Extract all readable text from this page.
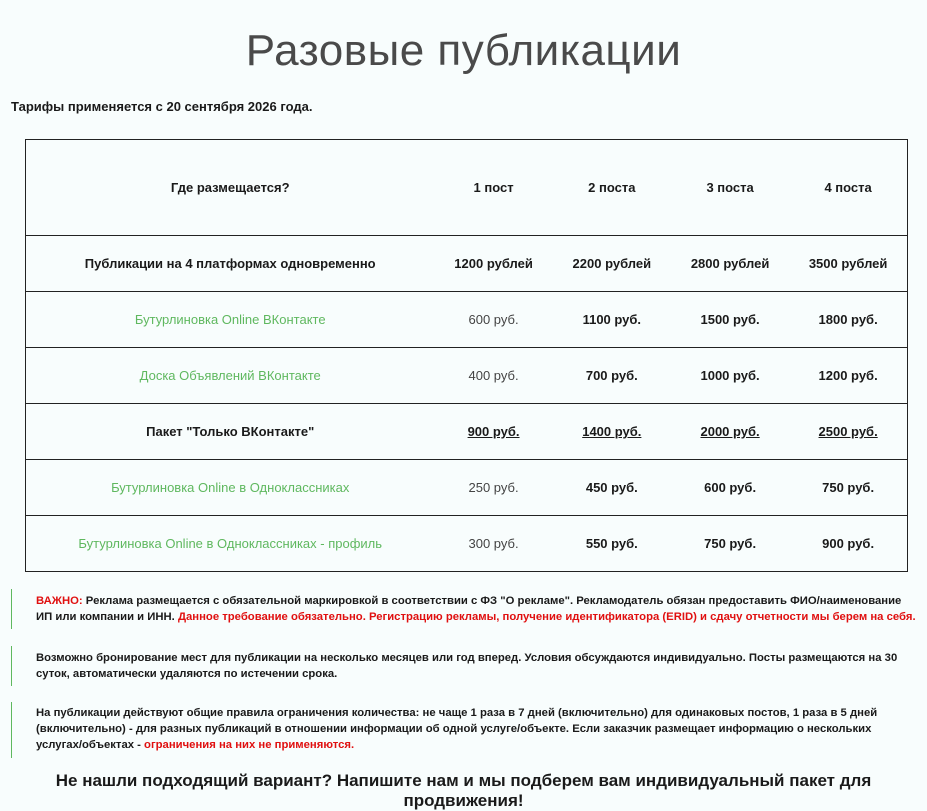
Разовые публикации

Тарифы применяется с 20 сентября 2026 года.

Где размещается?	1 пост	2 поста	3 поста	4 поста
Публикации на 4 платформах одновременно	1200 рублей	2200 рублей	2800 рублей	3500 рублей
Бутурлиновка Online ВКонтакте	600 руб.	1100 руб.	1500 руб.	1800 руб.
Доска Объявлений ВКонтакте	400 руб.	700 руб.	1000 руб.	1200 руб.
Пакет "Только ВКонтакте"	900 руб.	1400 руб.	2000 руб.	2500 руб.
Бутурлиновка Online в Одноклассниках	250 руб.	450 руб.	600 руб.	750 руб.
Бутурлиновка Online в Одноклассниках - профиль	300 руб.	550 руб.	750 руб.	900 руб.
ВАЖНО: Реклама размещается с обязательной маркировкой в соответствии с ФЗ "О рекламе". Рекламодатель обязан предоставить ФИО/наименование ИП или компании и ИНН. Данное требование обязательно. Регистрацию рекламы, получение идентификатора (ERID) и сдачу отчетности мы берем на себя.
Возможно бронирование мест для публикации на несколько месяцев или год вперед. Условия обсуждаются индивидуально. Посты размещаются на 30 суток, автоматически удаляются по истечении срока.
На публикации действуют общие правила ограничения количества: не чаще 1 раза в 7 дней (включительно) для одинаковых постов, 1 раза в 5 дней (включительно) - для разных публикаций в отношении информации об одной услуге/объекте. Если заказчик размещает информацию о нескольких услугах/объектах - ограничения на них не применяются.

Не нашли подходящий вариант? Напишите нам и мы подберем вам индивидуальный пакет для продвижения!
